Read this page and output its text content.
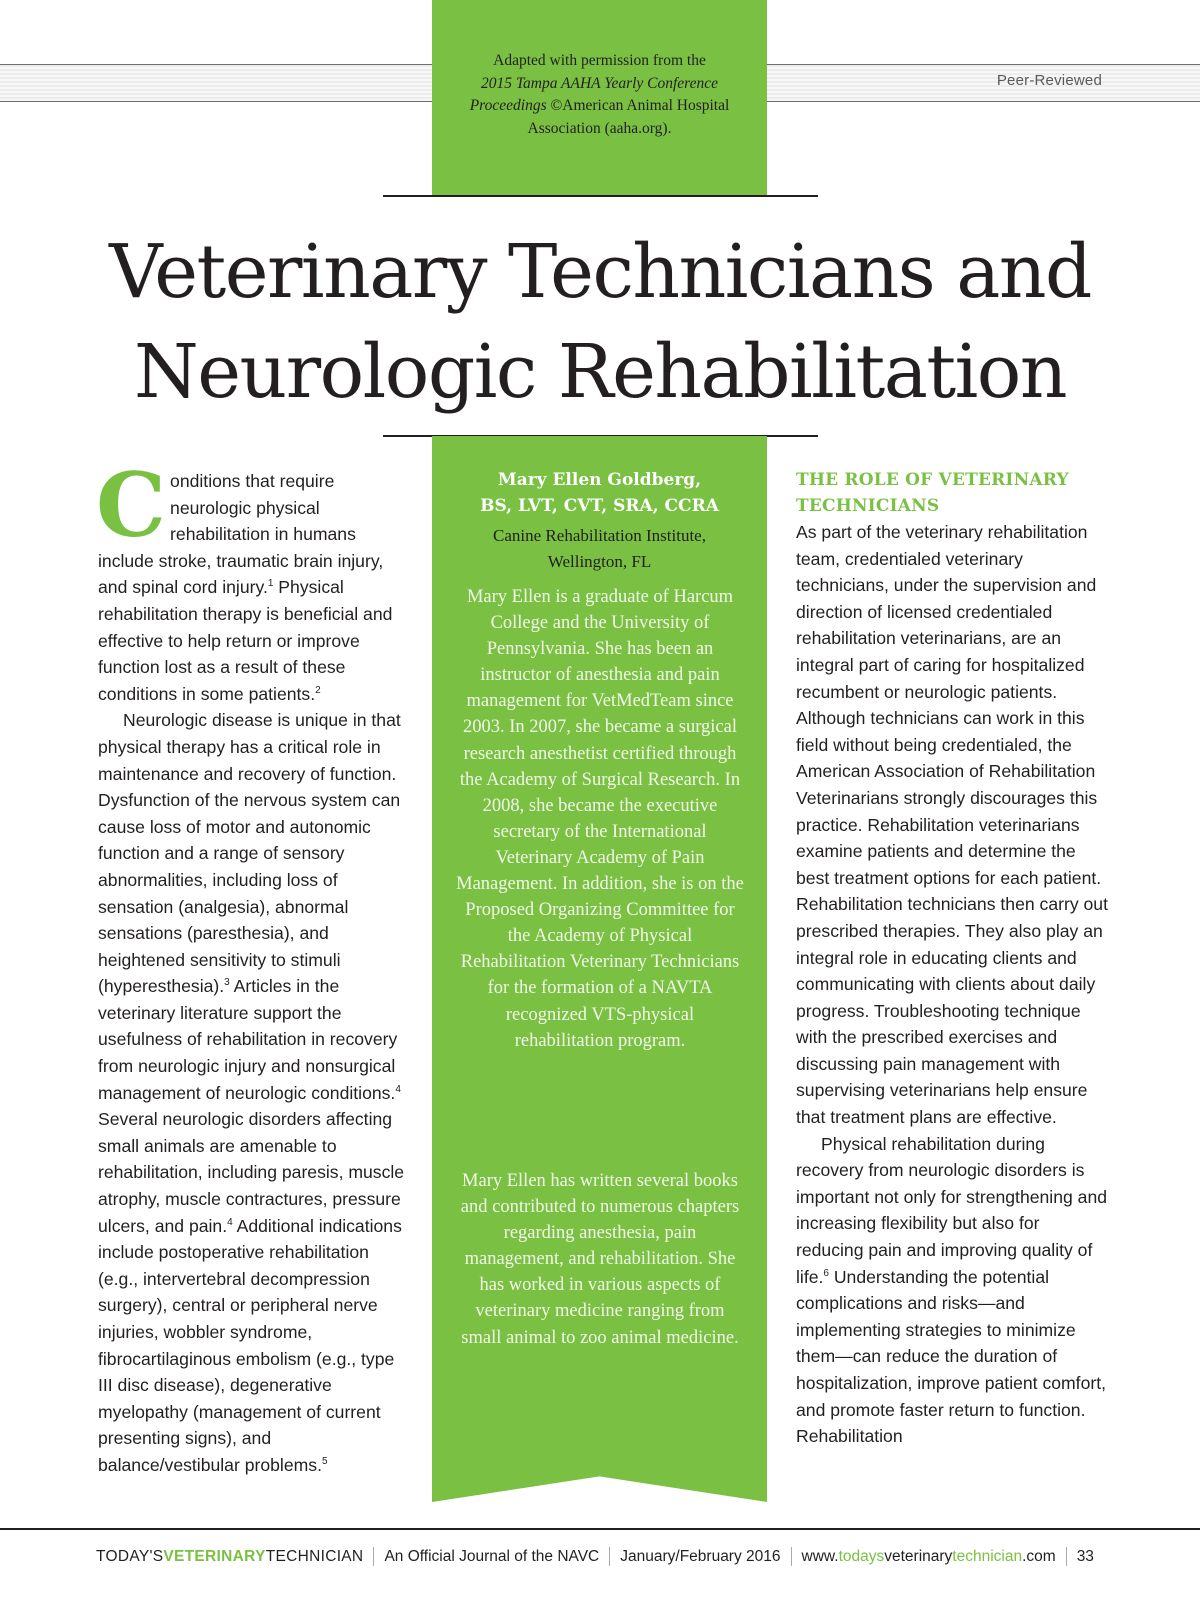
Peer-Reviewed
Adapted with permission from the
2015 Tampa AAHA Yearly Conference Proceedings ©American Animal Hospital Association (aaha.org).
Veterinary Technicians and
Neurologic Rehabilitation

Conditions that require neurologic physical rehabilitation in humans include stroke, traumatic brain injury, and spinal cord injury.$^1$ Physical rehabilitation therapy is beneficial and effective to help return or improve function lost as a result of these conditions in some patients.$^2$

Neurologic disease is unique in that physical therapy has a critical role in maintenance and recovery of function. Dysfunction of the nervous system can cause loss of motor and autonomic function and a range of sensory abnormalities, including loss of sensation (analgesia), abnormal sensations (paresthesia), and heightened sensitivity to stimuli (hyperesthesia).$^3$ Articles in the veterinary literature support the usefulness of rehabilitation in recovery from neurologic injury and nonsurgical management of neurologic conditions.$^4$ Several neurologic disorders affecting small animals are amenable to rehabilitation, including paresis, muscle atrophy, muscle contractures, pressure ulcers, and pain.$^4$ Additional indications include postoperative rehabilitation (e.g., intervertebral decompression surgery), central or peripheral nerve injuries, wobbler syndrome, fibrocartilaginous embolism (e.g., type III disc disease), degenerative myelopathy (management of current presenting signs), and balance/vestibular problems.$^5$

Mary Ellen Goldberg,
BS, LVT, CVT, SRA, CCRA
Canine Rehabilitation Institute,
Wellington, FL
Mary Ellen is a graduate of Harcum College and the University of Pennsylvania. She has been an instructor of anesthesia and pain management for VetMedTeam since 2003. In 2007, she became a surgical research anesthetist certified through the Academy of Surgical Research. In 2008, she became the executive secretary of the International Veterinary Academy of Pain Management. In addition, she is on the Proposed Organizing Committee for the Academy of Physical Rehabilitation Veterinary Technicians for the formation of a NAVTA recognized VTS-physical rehabilitation program.
Mary Ellen has written several books and contributed to numerous chapters regarding anesthesia, pain management, and rehabilitation. She has worked in various aspects of veterinary medicine ranging from small animal to zoo animal medicine.
THE ROLE OF VETERINARY
TECHNICIANS

As part of the veterinary rehabilitation team, credentialed veterinary technicians, under the supervision and direction of licensed credentialed rehabilitation veterinarians, are an integral part of caring for hospitalized recumbent or neurologic patients. Although technicians can work in this field without being credentialed, the American Association of Rehabilitation Veterinarians strongly discourages this practice. Rehabilitation veterinarians examine patients and determine the best treatment options for each patient. Rehabilitation technicians then carry out prescribed therapies. They also play an integral role in educating clients and communicating with clients about daily progress. Troubleshooting technique with the prescribed exercises and discussing pain management with supervising veterinarians help ensure that treatment plans are effective.

Physical rehabilitation during recovery from neurologic disorders is important not only for strengthening and increasing flexibility but also for reducing pain and improving quality of life.$^6$ Understanding the potential complications and risks—and implementing strategies to minimize them—can reduce the duration of hospitalization, improve patient comfort, and promote faster return to function. Rehabilitation

TODAY'SVETERINARYTECHNICIAN An Official Journal of the NAVC January/February 2016 www.todaysveterinarytechnician.com 33
